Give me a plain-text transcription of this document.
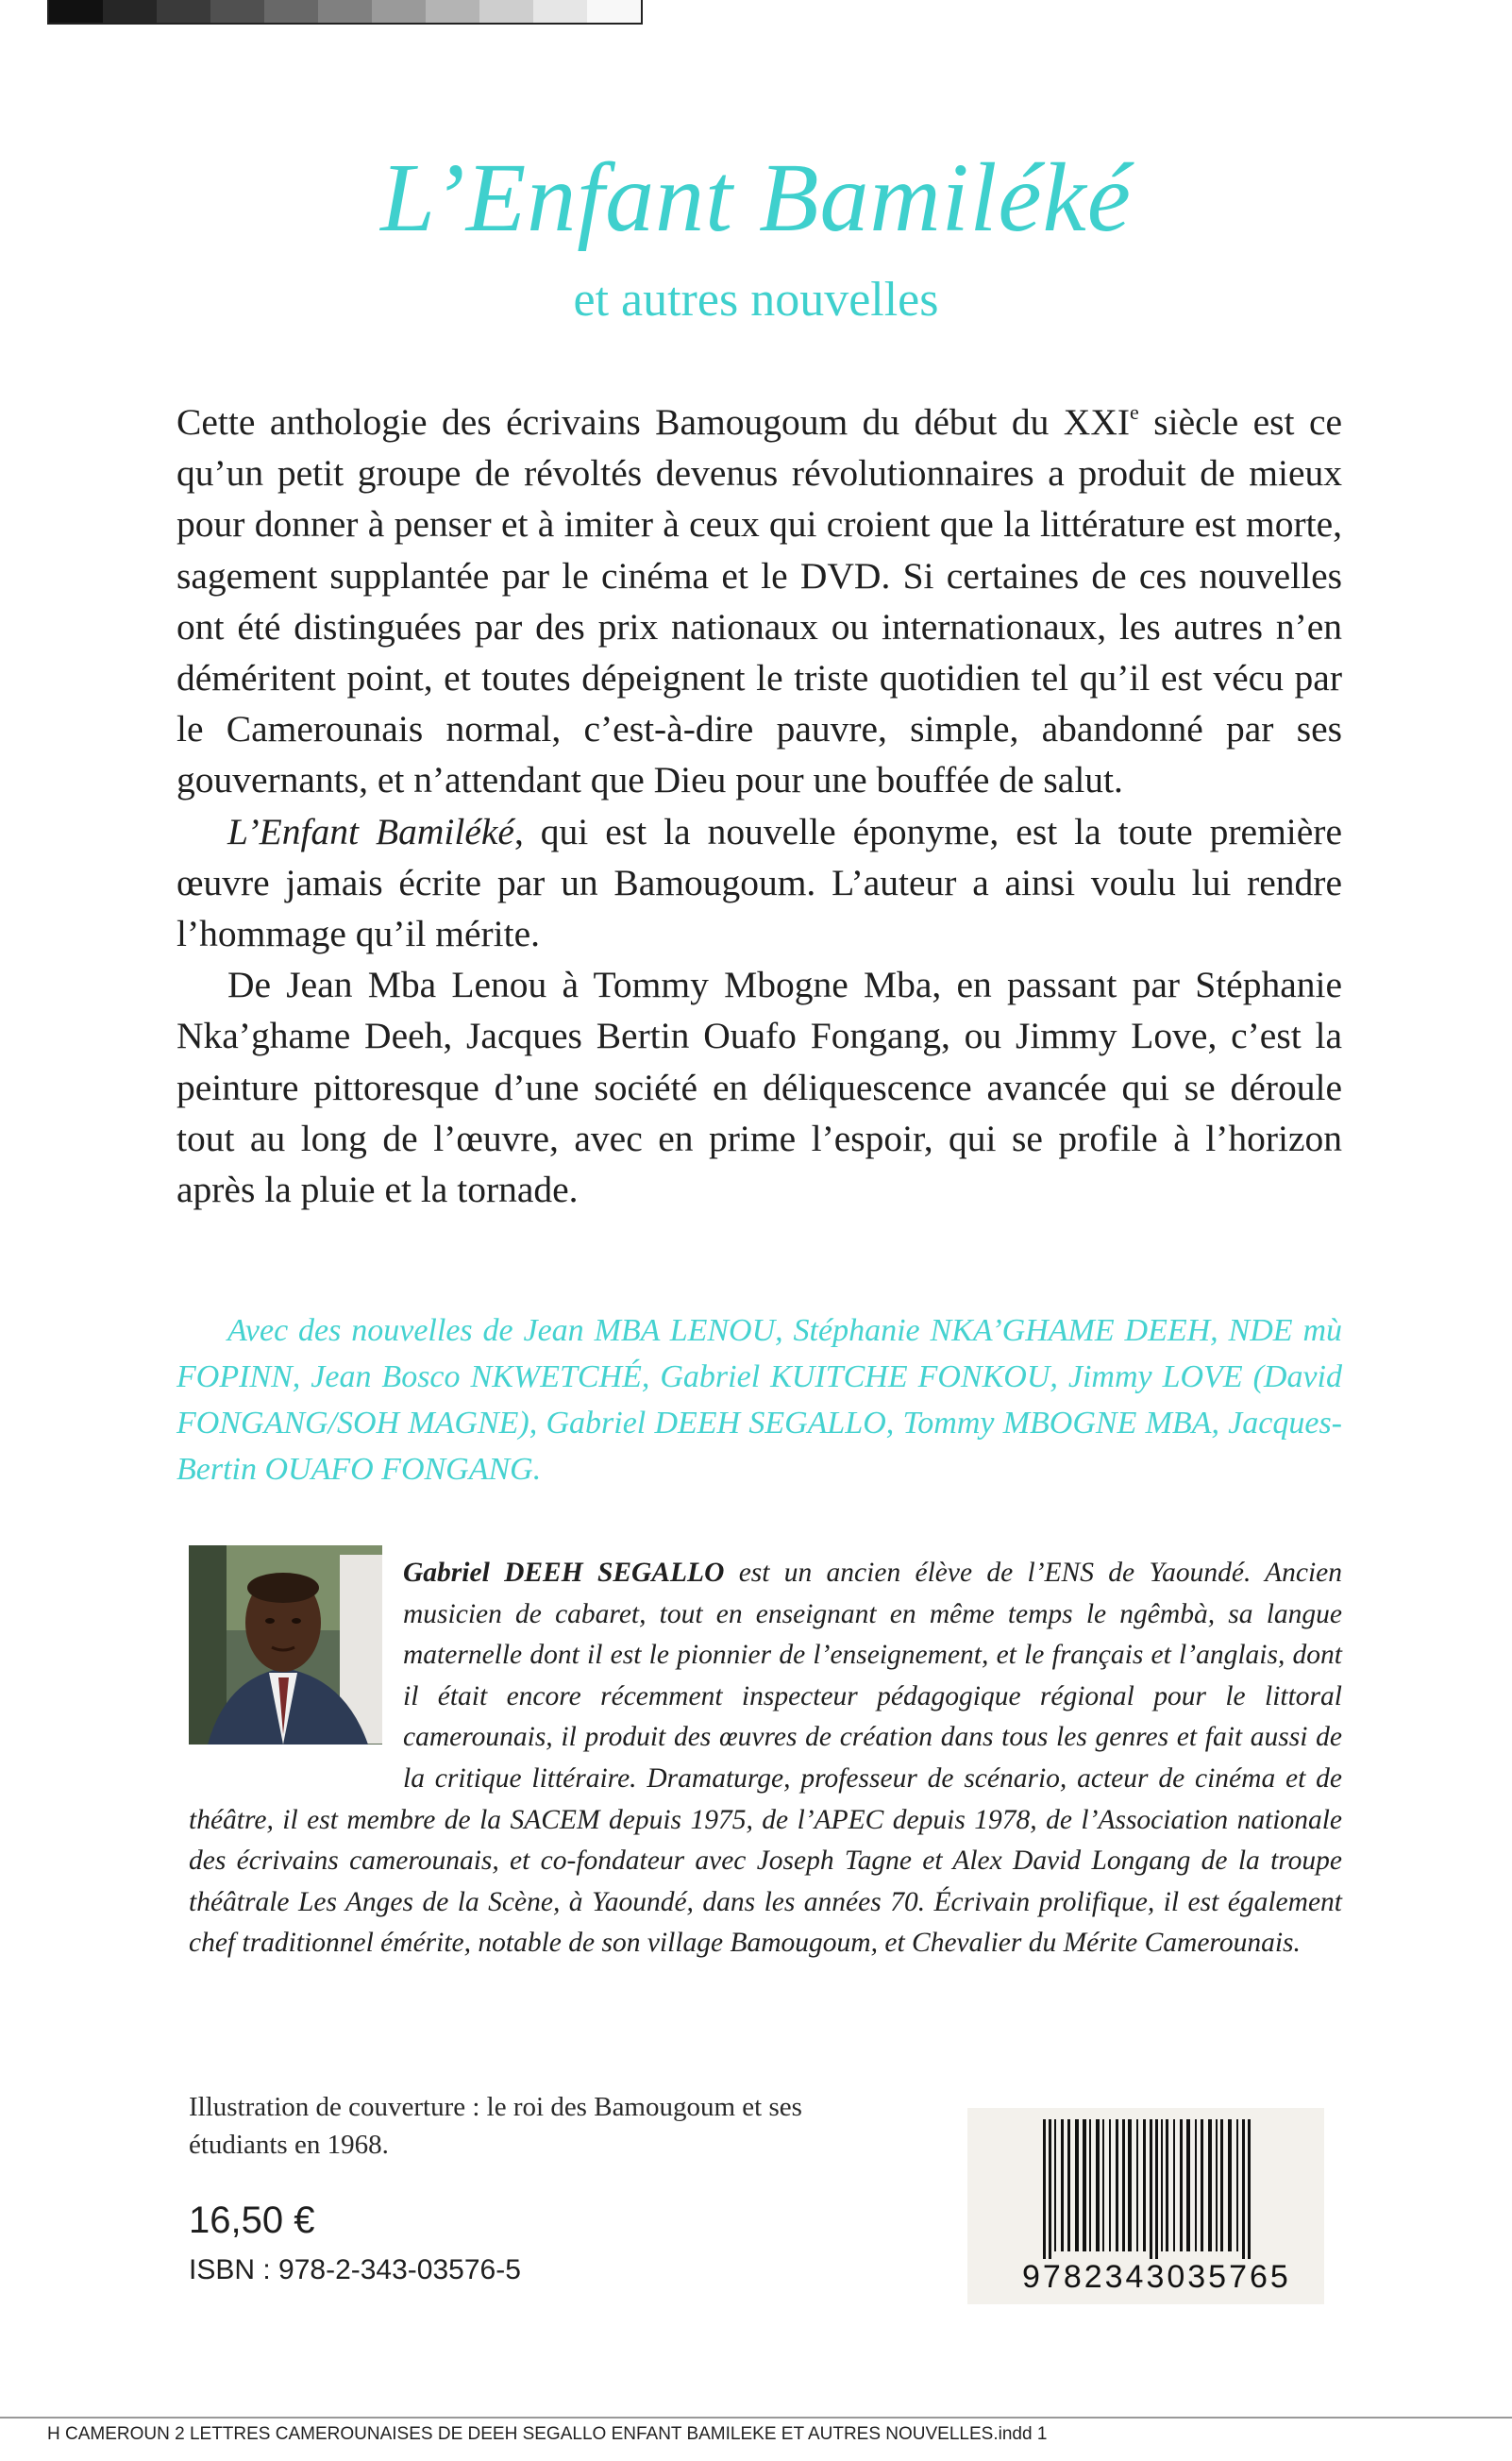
L’Enfant Bamiléké
et autres nouvelles

Cette anthologie des écrivains Bamougoum du début du XXIe siècle est ce qu’un petit groupe de révoltés devenus révolutionnaires a produit de mieux pour donner à penser et à imiter à ceux qui croient que la littérature est morte, sagement supplantée par le cinéma et le DVD. Si certaines de ces nouvelles ont été distinguées par des prix nationaux ou internationaux, les autres n’en déméritent point, et toutes dépeignent le triste quotidien tel qu’il est vécu par le Camerounais normal, c’est-à-dire pauvre, simple, abandonné par ses gouvernants, et n’attendant que Dieu pour une bouffée de salut.

L’Enfant Bamiléké, qui est la nouvelle éponyme, est la toute première œuvre jamais écrite par un Bamougoum. L’auteur a ainsi voulu lui rendre l’hommage qu’il mérite.

De Jean Mba Lenou à Tommy Mbogne Mba, en passant par Stéphanie Nka’ghame Deeh, Jacques Bertin Ouafo Fongang, ou Jimmy Love, c’est la peinture pittoresque d’une société en déliquescence avancée qui se déroule tout au long de l’œuvre, avec en prime l’espoir, qui se profile à l’horizon après la pluie et la tornade.

Avec des nouvelles de Jean MBA LENOU, Stéphanie NKA’GHAME DEEH, NDE mù FOPINN, Jean Bosco NKWETCHÉ, Gabriel KUITCHE FONKOU, Jimmy LOVE (David FONGANG/SOH MAGNE), Gabriel DEEH SEGALLO, Tommy MBOGNE MBA, Jacques-Bertin OUAFO FONGANG.

Gabriel DEEH SEGALLO est un ancien élève de l’ENS de Yaoundé. Ancien musicien de cabaret, tout en enseignant en même temps le ngêmbà, sa langue maternelle dont il est le pionnier de l’enseignement, et le français et l’anglais, dont il était encore récemment inspecteur pédagogique régional pour le littoral camerounais, il produit des œuvres de création dans tous les genres et fait aussi de la critique littéraire. Dramaturge, professeur de scénario, acteur de cinéma et de théâtre, il est membre de la SACEM depuis 1975, de l’APEC depuis 1978, de l’Association nationale des écrivains camerounais, et co-fondateur avec Joseph Tagne et Alex David Longang de la troupe théâtrale Les Anges de la Scène, à Yaoundé, dans les années 70. Écrivain prolifique, il est également chef traditionnel émérite, notable de son village Bamougoum, et Chevalier du Mérite Camerounais.

Illustration de couverture : le roi des Bamougoum et ses étudiants en 1968.
16,50 €
ISBN : 978-2-343-03576-5	9782343035765
H CAMEROUN 2 LETTRES CAMEROUNAISES DE DEEH SEGALLO ENFANT BAMILEKE ET AUTRES NOUVELLES.indd 1
